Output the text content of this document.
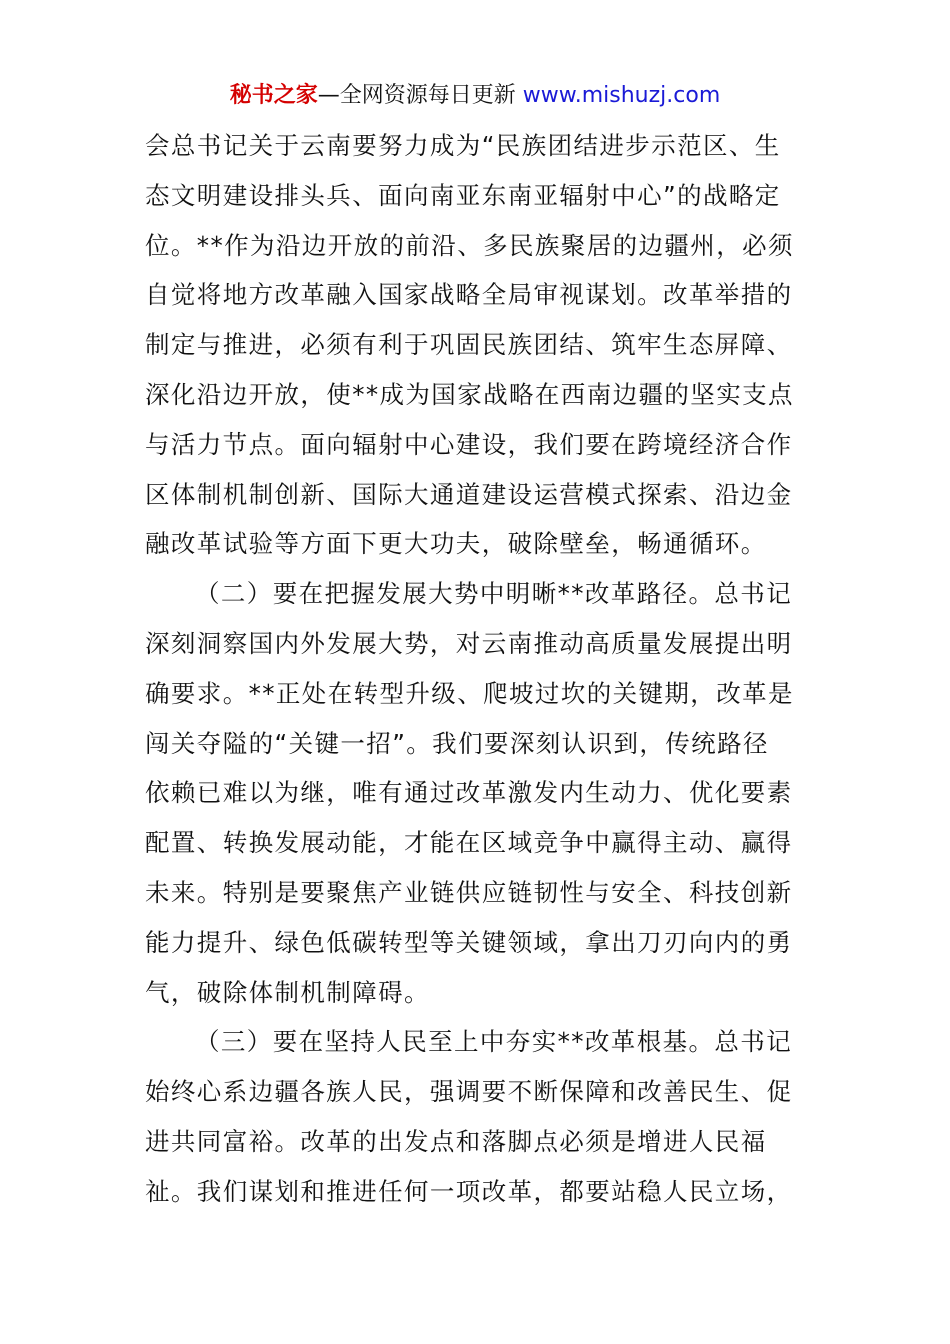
秘书之家—全网资源每日更新 www.mishuzj.com
会总书记关于云南要努力成为“民族团结进步示范区、生
态文明建设排头兵、面向南亚东南亚辐射中心”的战略定
位。**作为沿边开放的前沿、多民族聚居的边疆州，必须
自觉将地方改革融入国家战略全局审视谋划。改革举措的
制定与推进，必须有利于巩固民族团结、筑牢生态屏障、
深化沿边开放，使**成为国家战略在西南边疆的坚实支点
与活力节点。面向辐射中心建设，我们要在跨境经济合作
区体制机制创新、国际大通道建设运营模式探索、沿边金
融改革试验等方面下更大功夫，破除壁垒，畅通循环。
（二）要在把握发展大势中明晰**改革路径。总书记
深刻洞察国内外发展大势，对云南推动高质量发展提出明
确要求。**正处在转型升级、爬坡过坎的关键期，改革是
闯关夺隘的“关键一招”。我们要深刻认识到，传统路径
依赖已难以为继，唯有通过改革激发内生动力、优化要素
配置、转换发展动能，才能在区域竞争中赢得主动、赢得
未来。特别是要聚焦产业链供应链韧性与安全、科技创新
能力提升、绿色低碳转型等关键领域，拿出刀刃向内的勇
气，破除体制机制障碍。
（三）要在坚持人民至上中夯实**改革根基。总书记
始终心系边疆各族人民，强调要不断保障和改善民生、促
进共同富裕。改革的出发点和落脚点必须是增进人民福
祉。我们谋划和推进任何一项改革，都要站稳人民立场，
